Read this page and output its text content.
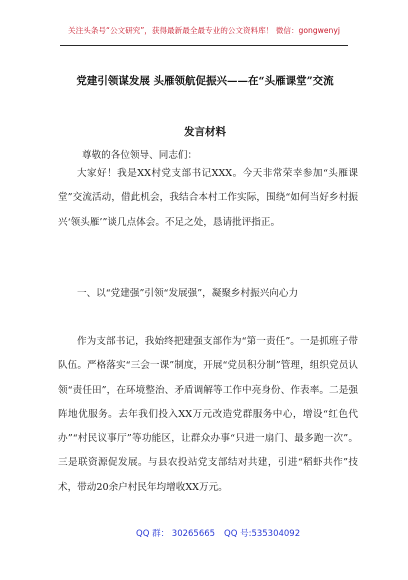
关注头条号“公文研究”，获得最新最全最专业的公文资料库！ 微信：gongwenyj
党建引领谋发展 头雁领航促振兴——在“头雁课堂”交流
发言材料
尊敬的各位领导、同志们：
大家好！我是XX村党支部书记XXX。今天非常荣幸参加“头雁课堂”交流活动，借此机会，我结合本村工作实际，围绕“如何当好乡村振兴‘领头雁’”谈几点体会。不足之处，恳请批评指正。
一、以“党建强”引领“发展强”，凝聚乡村振兴向心力
作为支部书记，我始终把建强支部作为“第一责任”。一是抓班子带队伍。严格落实“三会一课”制度，开展“党员积分制”管理，组织党员认领“责任田”，在环境整治、矛盾调解等工作中亮身份、作表率。二是强阵地优服务。去年我们投入XX万元改造党群服务中心，增设“红色代办”“村民议事厅”等功能区，让群众办事“只进一扇门、最多跑一次”。三是联资源促发展。与县农投站党支部结对共建，引进“稻虾共作”技术，带动20余户村民年均增收XX万元。
QQ 群： 30265665 QQ 号:535304092
